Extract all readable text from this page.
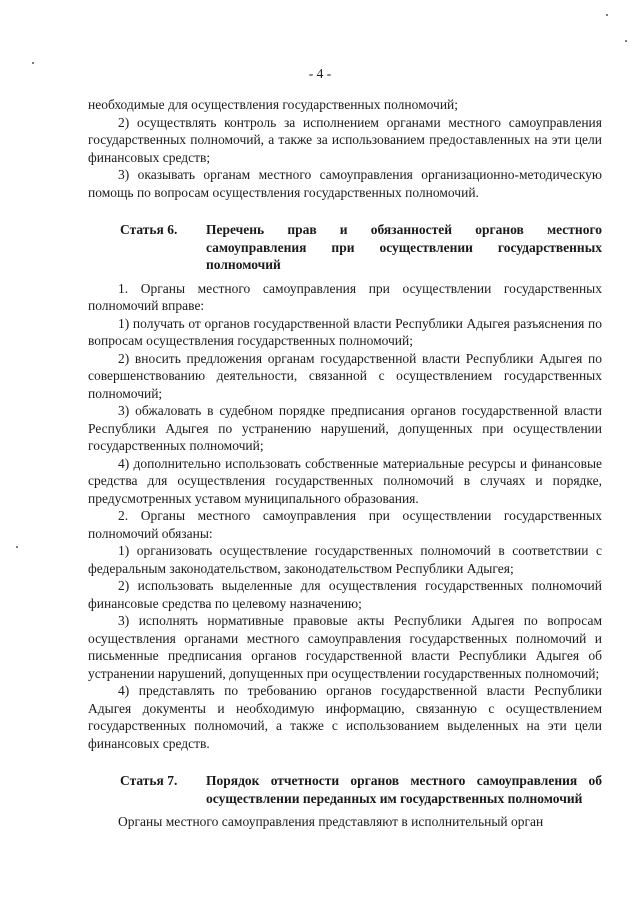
- 4 -

необходимые для осуществления государственных полномочий;

2) осуществлять контроль за исполнением органами местного самоуправления государственных полномочий, а также за использованием предоставленных на эти цели финансовых средств;

3) оказывать органам местного самоуправления организационно-методическую помощь по вопросам осуществления государственных полномочий.

Статья 6.	Перечень прав и обязанностей органов местного самоуправления при осуществлении государственных полномочий

1. Органы местного самоуправления при осуществлении государственных полномочий вправе:

1) получать от органов государственной власти Республики Адыгея разъяснения по вопросам осуществления государственных полномочий;

2) вносить предложения органам государственной власти Республики Адыгея по совершенствованию деятельности, связанной с осуществлением государственных полномочий;

3) обжаловать в судебном порядке предписания органов государственной власти Республики Адыгея по устранению нарушений, допущенных при осуществлении государственных полномочий;

4) дополнительно использовать собственные материальные ресурсы и финансовые средства для осуществления государственных полномочий в случаях и порядке, предусмотренных уставом муниципального образования.

2. Органы местного самоуправления при осуществлении государственных полномочий обязаны:

1) организовать осуществление государственных полномочий в соответствии с федеральным законодательством, законодательством Республики Адыгея;

2) использовать выделенные для осуществления государственных полномочий финансовые средства по целевому назначению;

3) исполнять нормативные правовые акты Республики Адыгея по вопросам осуществления органами местного самоуправления государственных полномочий и письменные предписания органов государственной власти Республики Адыгея об устранении нарушений, допущенных при осуществлении государственных полномочий;

4) представлять по требованию органов государственной власти Республики Адыгея документы и необходимую информацию, связанную с осуществлением государственных полномочий, а также с использованием выделенных на эти цели финансовых средств.

Статья 7.	Порядок отчетности органов местного самоуправления об осуществлении переданных им государственных полномочий

Органы местного самоуправления представляют в исполнительный орган
